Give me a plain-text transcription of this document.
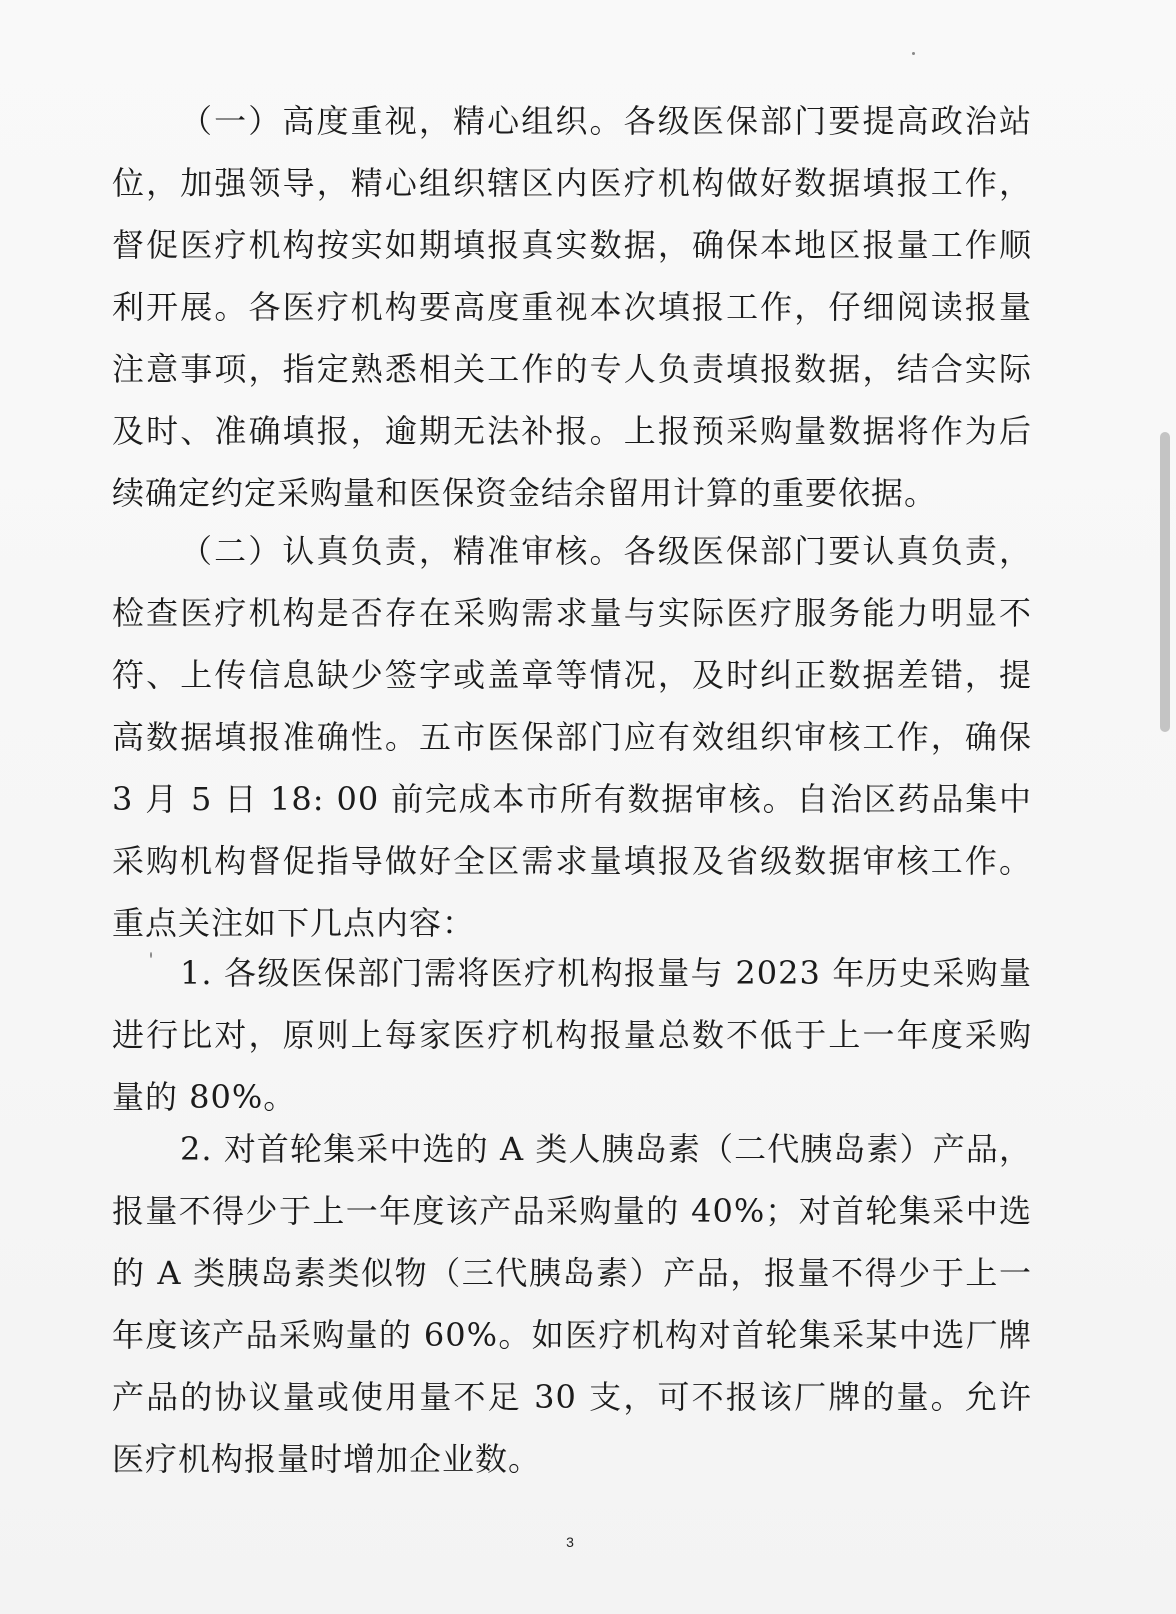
（一）高度重视，精心组织。各级医保部门要提高政治站位，加强领导，精心组织辖区内医疗机构做好数据填报工作，督促医疗机构按实如期填报真实数据，确保本地区报量工作顺利开展。各医疗机构要高度重视本次填报工作，仔细阅读报量注意事项，指定熟悉相关工作的专人负责填报数据，结合实际及时、准确填报，逾期无法补报。上报预采购量数据将作为后续确定约定采购量和医保资金结余留用计算的重要依据。

（二）认真负责，精准审核。各级医保部门要认真负责，检查医疗机构是否存在采购需求量与实际医疗服务能力明显不符、上传信息缺少签字或盖章等情况，及时纠正数据差错，提高数据填报准确性。五市医保部门应有效组织审核工作，确保 3 月 5 日 18: 00 前完成本市所有数据审核。自治区药品集中采购机构督促指导做好全区需求量填报及省级数据审核工作。重点关注如下几点内容：

1. 各级医保部门需将医疗机构报量与 2023 年历史采购量进行比对，原则上每家医疗机构报量总数不低于上一年度采购量的 80%。

2. 对首轮集采中选的 A 类人胰岛素（二代胰岛素）产品，报量不得少于上一年度该产品采购量的 40%；对首轮集采中选的 A 类胰岛素类似物（三代胰岛素）产品，报量不得少于上一年度该产品采购量的 60%。如医疗机构对首轮集采某中选厂牌产品的协议量或使用量不足 30 支，可不报该厂牌的量。允许医疗机构报量时增加企业数。

3
